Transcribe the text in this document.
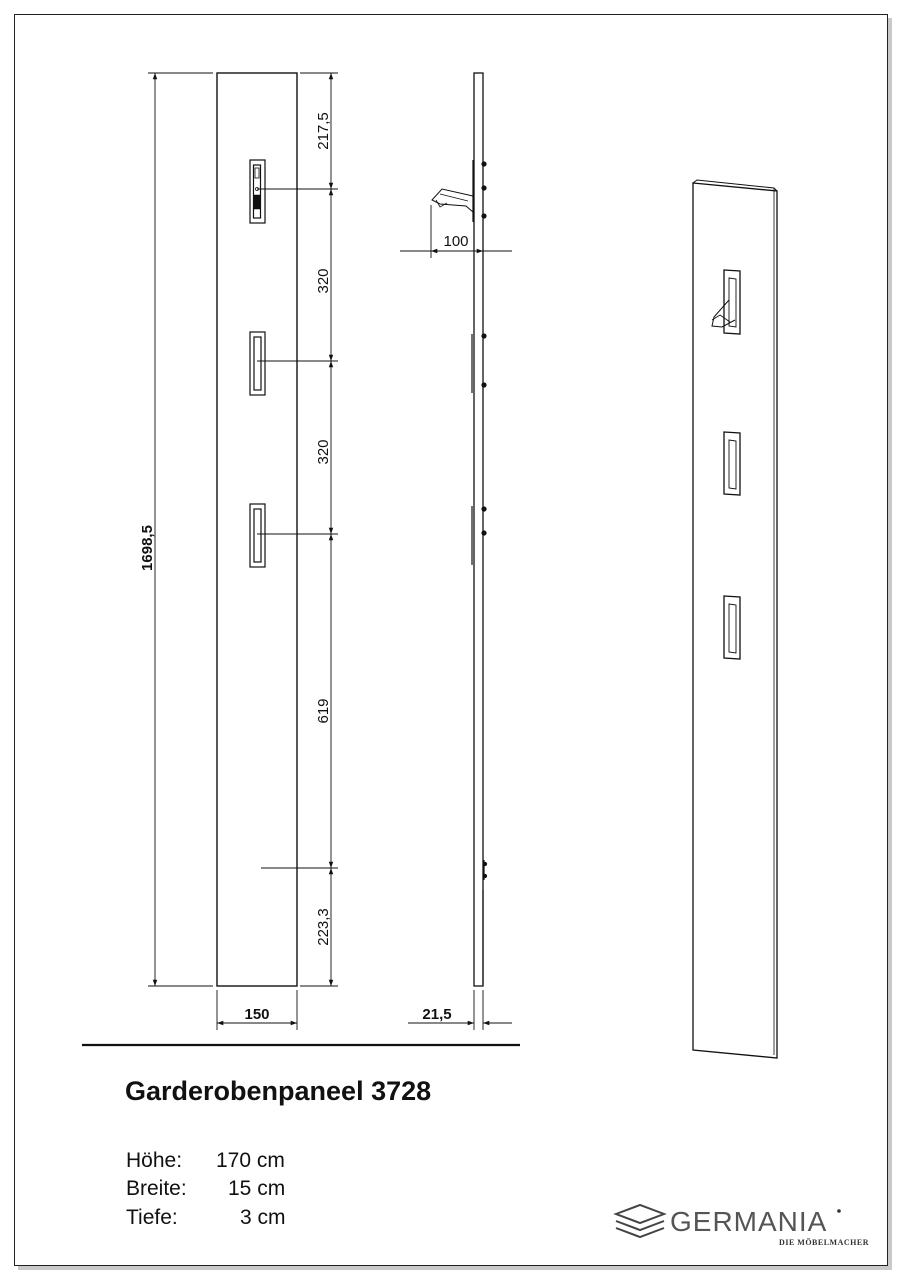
217,5
320
320
619
223,3
1698,5
150
100
21,5
GERMANIA
DIE MÖBELMACHER
Garderobenpaneel 3728
Höhe: 170 cm
Breite: 15 cm
Tiefe:	3 cm
